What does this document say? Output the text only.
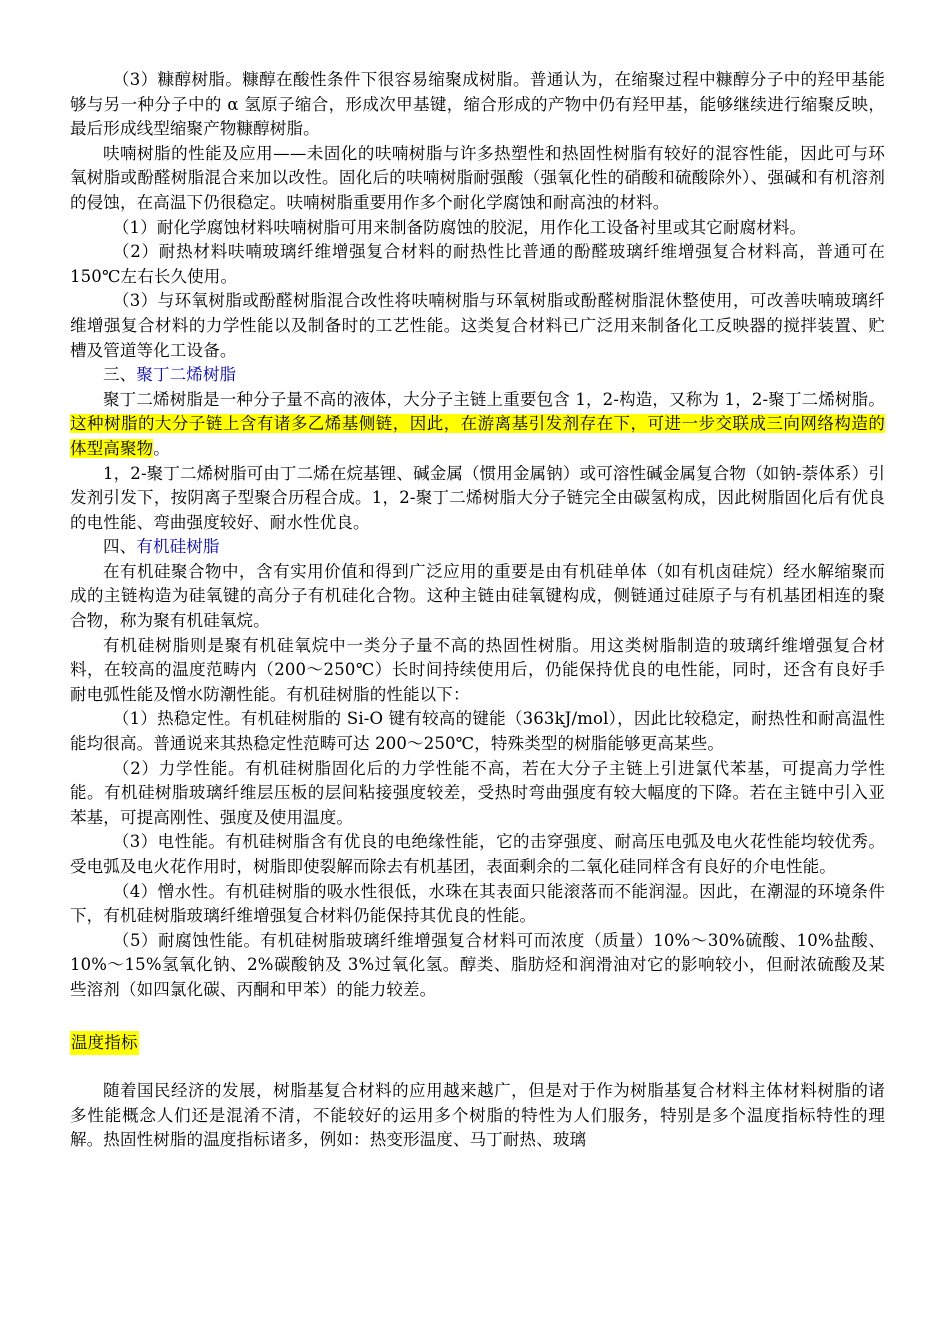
（3）糠醇树脂。糠醇在酸性条件下很容易缩聚成树脂。普通认为，在缩聚过程中糠醇分子中的羟甲基能够与另一种分子中的 α 氢原子缩合，形成次甲基键，缩合形成的产物中仍有羟甲基，能够继续进行缩聚反映，最后形成线型缩聚产物糠醇树脂。

呋喃树脂的性能及应用——未固化的呋喃树脂与许多热塑性和热固性树脂有较好的混容性能，因此可与环氧树脂或酚醛树脂混合来加以改性。固化后的呋喃树脂耐强酸（强氧化性的硝酸和硫酸除外）、强碱和有机溶剂的侵蚀，在高温下仍很稳定。呋喃树脂重要用作多个耐化学腐蚀和耐高浊的材料。

（1）耐化学腐蚀材料呋喃树脂可用来制备防腐蚀的胶泥，用作化工设备衬里或其它耐腐材料。

（2）耐热材料呋喃玻璃纤维增强复合材料的耐热性比普通的酚醛玻璃纤维增强复合材料高，普通可在 150℃左右长久使用。

（3）与环氧树脂或酚醛树脂混合改性将呋喃树脂与环氧树脂或酚醛树脂混休整使用，可改善呋喃玻璃纤维增强复合材料的力学性能以及制备时的工艺性能。这类复合材料已广泛用来制备化工反映器的搅拌装置、贮槽及管道等化工设备。

三、聚丁二烯树脂

聚丁二烯树脂是一种分子量不高的液体，大分子主链上重要包含 1，2-构造，又称为 1，2-聚丁二烯树脂。这种树脂的大分子链上含有诸多乙烯基侧链，因此，在游离基引发剂存在下，可进一步交联成三向网络构造的体型高聚物。

1，2-聚丁二烯树脂可由丁二烯在烷基锂、碱金属（惯用金属钠）或可溶性碱金属复合物（如钠-萘体系）引发剂引发下，按阴离子型聚合历程合成。1，2-聚丁二烯树脂大分子链完全由碳氢构成，因此树脂固化后有优良的电性能、弯曲强度较好、耐水性优良。

四、有机硅树脂

在有机硅聚合物中，含有实用价值和得到广泛应用的重要是由有机硅单体（如有机卤硅烷）经水解缩聚而成的主链构造为硅氧键的高分子有机硅化合物。这种主链由硅氧键构成，侧链通过硅原子与有机基团相连的聚合物，称为聚有机硅氧烷。

有机硅树脂则是聚有机硅氧烷中一类分子量不高的热固性树脂。用这类树脂制造的玻璃纤维增强复合材料，在较高的温度范畴内（200～250℃）长时间持续使用后，仍能保持优良的电性能，同时，还含有良好手耐电弧性能及憎水防潮性能。有机硅树脂的性能以下：

（1）热稳定性。有机硅树脂的 Si-O 键有较高的键能（363kJ/mol），因此比较稳定，耐热性和耐高温性能均很高。普通说来其热稳定性范畴可达 200～250℃，特殊类型的树脂能够更高某些。

（2）力学性能。有机硅树脂固化后的力学性能不高，若在大分子主链上引进氯代苯基，可提高力学性能。有机硅树脂玻璃纤维层压板的层间粘接强度较差，受热时弯曲强度有较大幅度的下降。若在主链中引入亚苯基，可提高刚性、强度及使用温度。

（3）电性能。有机硅树脂含有优良的电绝缘性能，它的击穿强度、耐高压电弧及电火花性能均较优秀。受电弧及电火花作用时，树脂即使裂解而除去有机基团，表面剩余的二氧化硅同样含有良好的介电性能。

（4）憎水性。有机硅树脂的吸水性很低，水珠在其表面只能滚落而不能润湿。因此，在潮湿的环境条件下，有机硅树脂玻璃纤维增强复合材料仍能保持其优良的性能。

（5）耐腐蚀性能。有机硅树脂玻璃纤维增强复合材料可而浓度（质量）10%～30%硫酸、10%盐酸、10%～15%氢氧化钠、2%碳酸钠及 3%过氧化氢。醇类、脂肪烃和润滑油对它的影响较小，但耐浓硫酸及某些溶剂（如四氯化碳、丙酮和甲苯）的能力较差。

温度指标

随着国民经济的发展，树脂基复合材料的应用越来越广，但是对于作为树脂基复合材料主体材料树脂的诸多性能概念人们还是混淆不清，不能较好的运用多个树脂的特性为人们服务，特别是多个温度指标特性的理解。热固性树脂的温度指标诸多，例如：热变形温度、马丁耐热、玻璃
